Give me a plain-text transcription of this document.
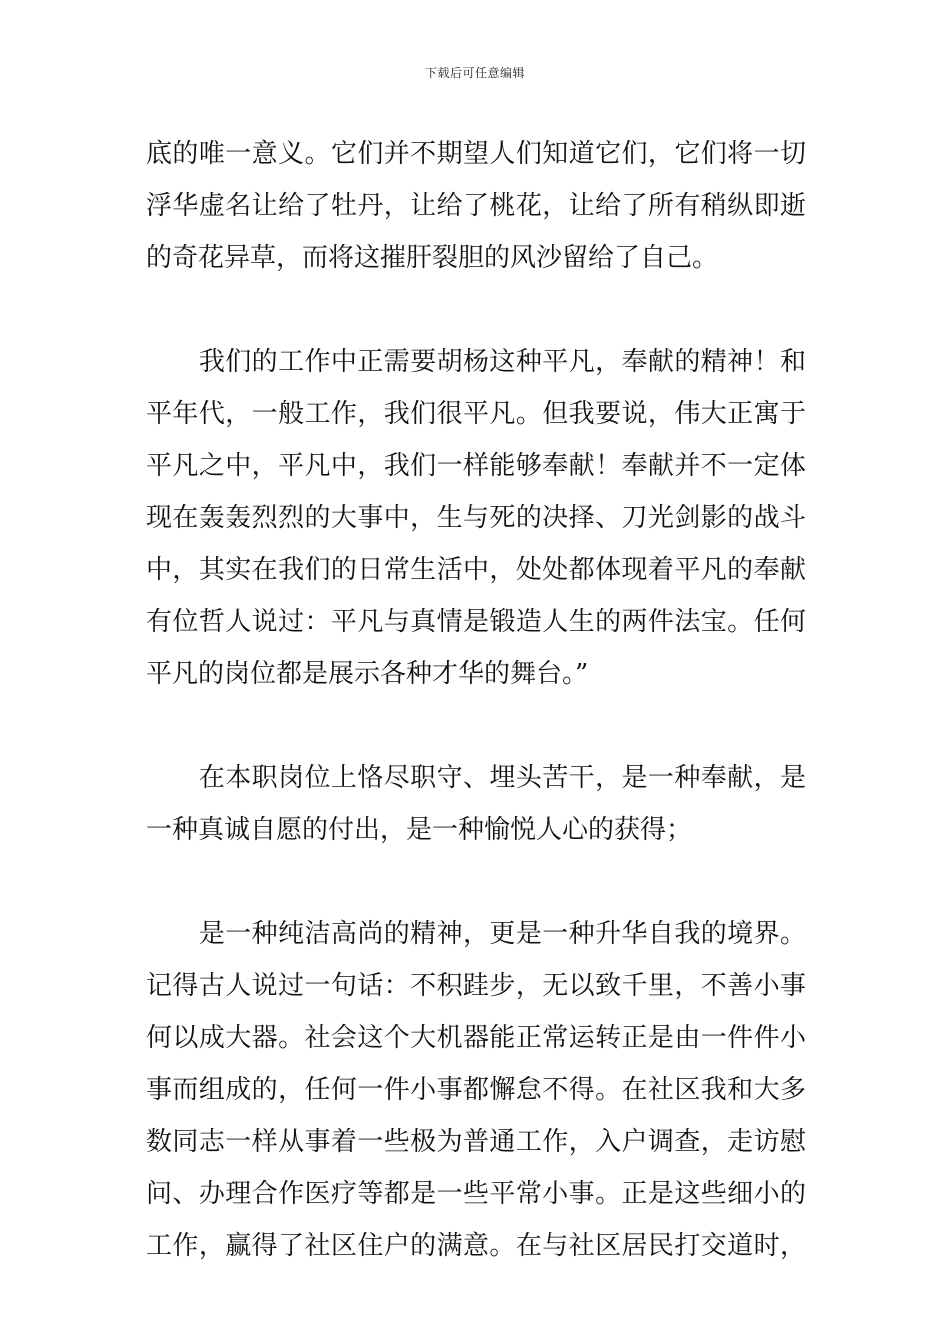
下载后可任意编辑
底的唯一意义。它们并不期望人们知道它们，它们将一切
浮华虚名让给了牡丹，让给了桃花，让给了所有稍纵即逝
的奇花异草，而将这摧肝裂胆的风沙留给了自己。
　　我们的工作中正需要胡杨这种平凡，奉献的精神！和
平年代，一般工作，我们很平凡。但我要说，伟大正寓于
平凡之中，平凡中，我们一样能够奉献！奉献并不一定体
现在轰轰烈烈的大事中，生与死的决择、刀光剑影的战斗
中，其实在我们的日常生活中，处处都体现着平凡的奉献
有位哲人说过：平凡与真情是锻造人生的两件法宝。任何
平凡的岗位都是展示各种才华的舞台。”
　　在本职岗位上恪尽职守、埋头苦干，是一种奉献，是
一种真诚自愿的付出，是一种愉悦人心的获得；
　　是一种纯洁高尚的精神，更是一种升华自我的境界。
记得古人说过一句话：不积跬步，无以致千里，不善小事
何以成大器。社会这个大机器能正常运转正是由一件件小
事而组成的，任何一件小事都懈怠不得。在社区我和大多
数同志一样从事着一些极为普通工作，入户调查，走访慰
问、办理合作医疗等都是一些平常小事。正是这些细小的
工作，赢得了社区住户的满意。在与社区居民打交道时，
